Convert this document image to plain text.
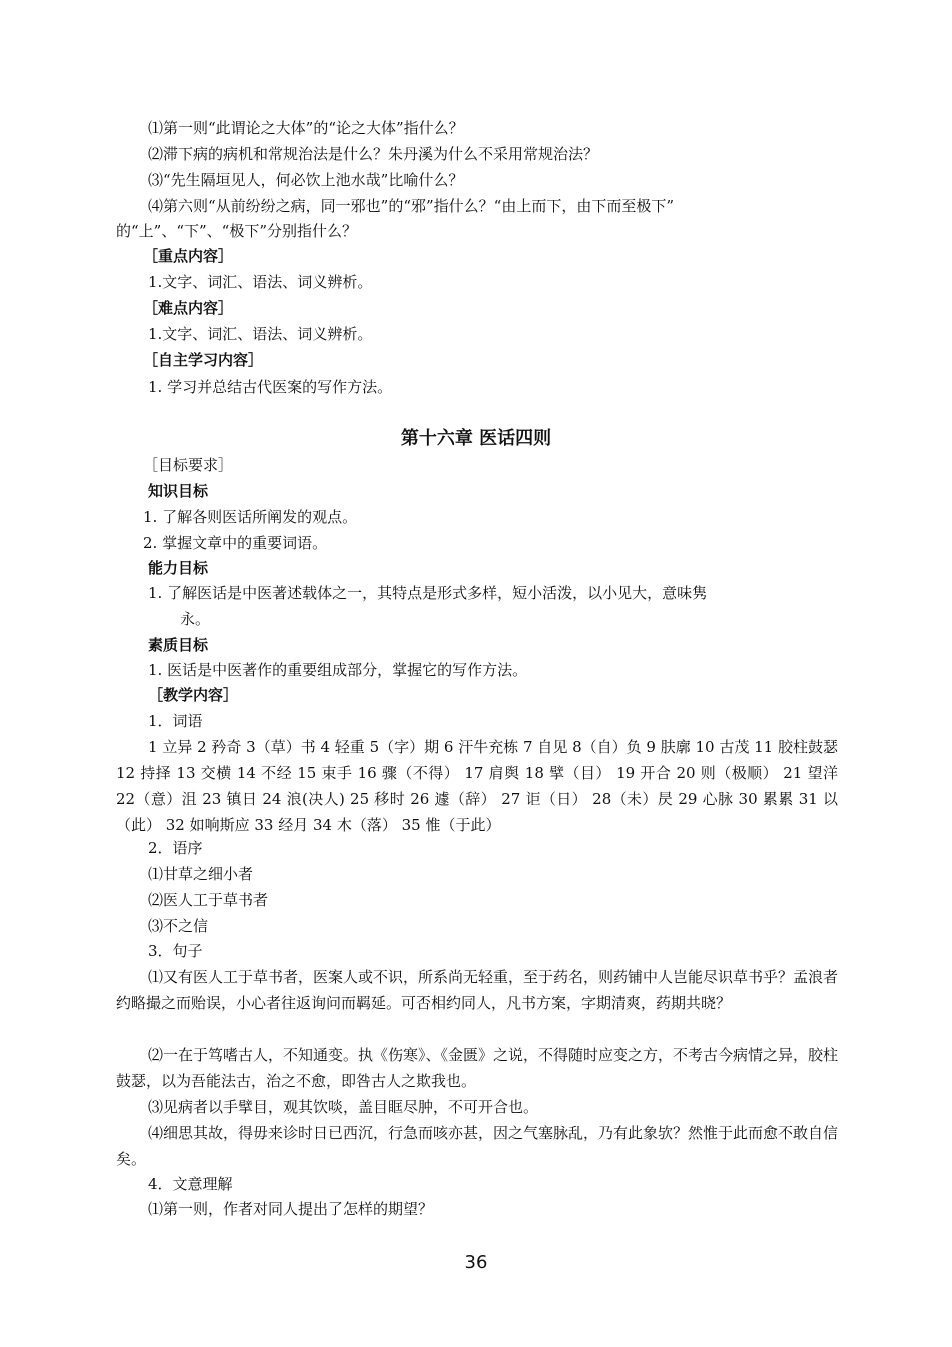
⑴第一则“此谓论之大体”的“论之大体”指什么？
⑵滞下病的病机和常规治法是什么？朱丹溪为什么不采用常规治法？
⑶“先生隔垣见人，何必饮上池水哉”比喻什么？
⑷第六则“从前纷纷之病，同一邪也”的“邪”指什么？“由上而下，由下而至极下”
的“上”、“下”、“极下”分别指什么？
［重点内容］
1.文字、词汇、语法、词义辨析。
［难点内容］
1.文字、词汇、语法、词义辨析。
［自主学习内容］
1. 学习并总结古代医案的写作方法。
第十六章 医话四则
［目标要求］
知识目标
1. 了解各则医话所阐发的观点。
2. 掌握文章中的重要词语。
能力目标
1. 了解医话是中医著述载体之一，其特点是形式多样，短小活泼，以小见大，意味隽
永。
素质目标
1. 医话是中医著作的重要组成部分，掌握它的写作方法。
［教学内容］
1．词语
1 立异 2 矜奇 3（草）书 4 轻重 5（字）期 6 汗牛充栋 7 自见 8（自）负 9 肤廓 10 古茂 11 胶柱鼓瑟 12 持择 13 交横 14 不经 15 束手 16 骤（不得） 17 肩舆 18 擘（目） 19 开合 20 则（极顺） 21 望洋 22（意）沮 23 镇日 24 浪(决人) 25 移时 26 遽（辞） 27 讵（日） 28（未）昃 29 心脉 30 累累 31 以（此） 32 如响斯应 33 经月 34 木（落） 35 惟（于此）
2．语序
⑴甘草之细小者
⑵医人工于草书者
⑶不之信
3．句子
⑴又有医人工于草书者，医案人或不识，所系尚无轻重，至于药名，则药铺中人岂能尽识草书乎？孟浪者约略撮之而贻误，小心者往返询问而羁延。可否相约同人，凡书方案，字期清爽，药期共晓？
⑵一在于笃嗜古人，不知通变。执《伤寒》、《金匮》之说，不得随时应变之方，不考古今病情之异，胶柱鼓瑟，以为吾能法古，治之不愈，即咎古人之欺我也。
⑶见病者以手擘目，观其饮啖，盖目眶尽肿，不可开合也。
⑷细思其故，得毋来诊时日已西沉，行急而咳亦甚，因之气塞脉乱，乃有此象欤？然惟于此而愈不敢自信矣。
4．文意理解
⑴第一则，作者对同人提出了怎样的期望？
36
